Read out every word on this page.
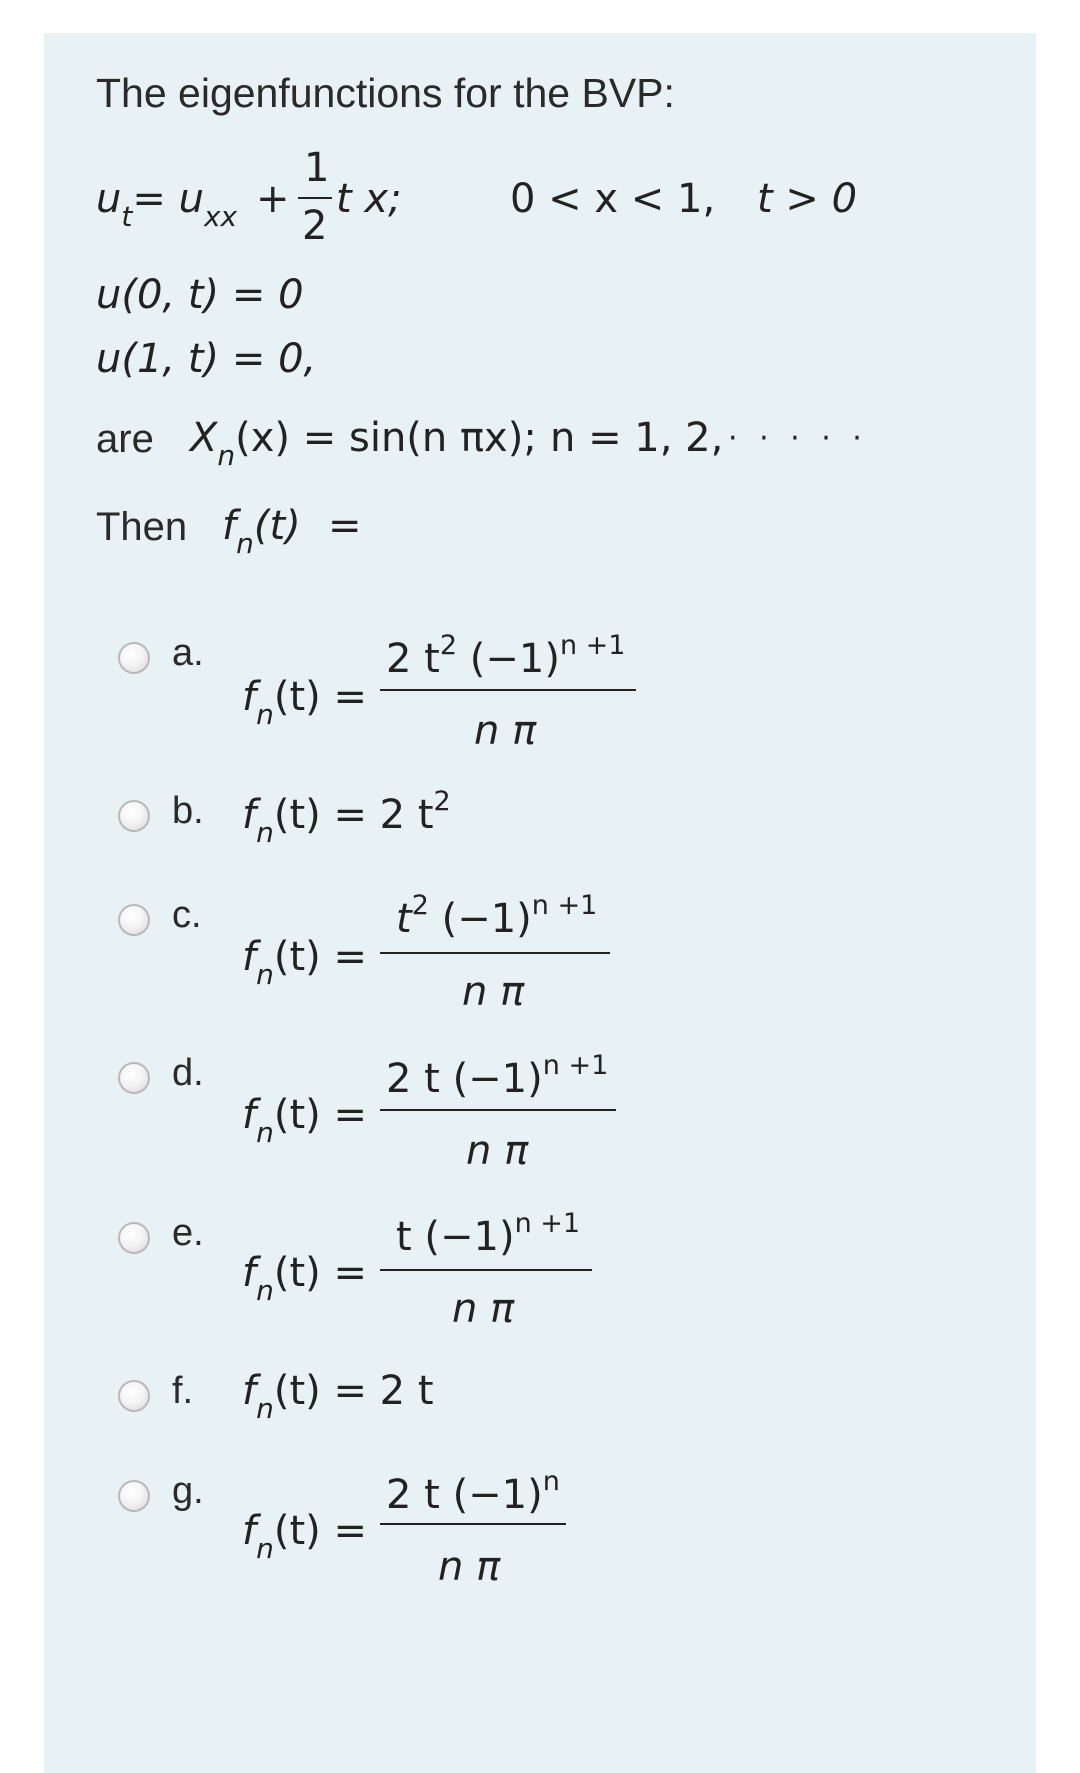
The eigenfunctions for the BVP:
$u_t= u_{xx}$ +
1
2
t x;	0 < x < 1, t > 0
u(0, t) = 0
u(1, t) = 0,
are $X_n(x) = \sin(n$ πx); n = 1, 2, · · · · ·
Then $f_n(t)$ =
a.
$f_n(t)$ =
2 $t^2$ $(-1)^{n +1}$
n π
b. $f_n(t) = 2$ $t^2$
c.
$f_n(t)$ =
$t^2$ $(-1)^{n +1}$
n π
d.
$f_n(t)$ =
2 t $(-1)^{n +1}$
n π
e.
$f_n(t)$ =
t $(-1)^{n +1}$
n π
f. $f_n(t) = 2$ t
g.
$f_n(t)$ =
2 t $(-1)^n$
n π
